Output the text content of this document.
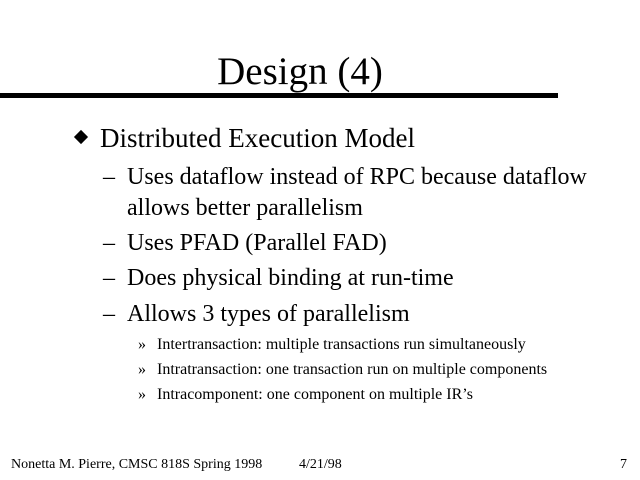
Design (4)
Distributed Execution Model
– Uses dataflow instead of RPC because dataflow
allows better parallelism
– Uses PFAD (Parallel FAD)
– Does physical binding at run-time
– Allows 3 types of parallelism
» Intertransaction: multiple transactions run simultaneously
» Intratransaction: one transaction run on multiple components
» Intracomponent: one component on multiple IR’s
Nonetta M. Pierre, CMSC 818S Spring 1998	4/21/98	7
